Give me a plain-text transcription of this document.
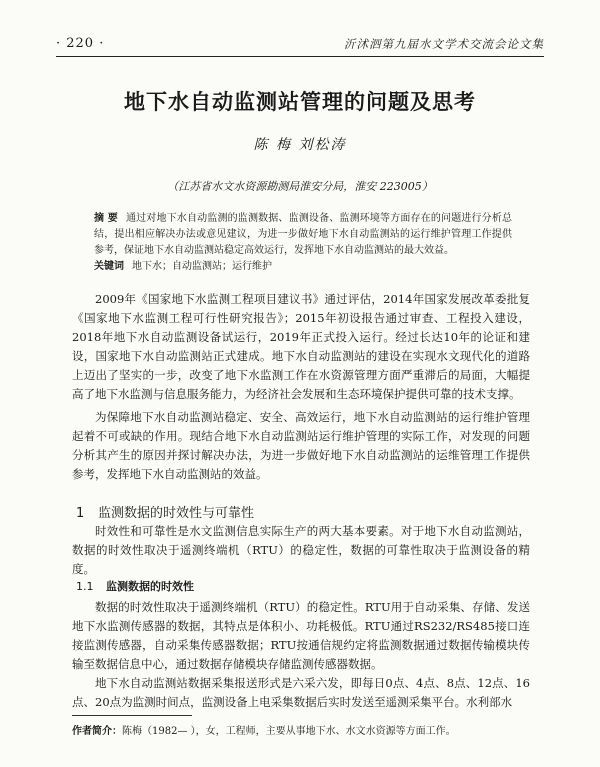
· 220 ·	沂沭泗第九届水文学术交流会论文集
地下水自动监测站管理的问题及思考
陈 梅 刘松涛
（江苏省水文水资源勘测局淮安分局，淮安 223005）
摘 要 通过对地下水自动监测的监测数据、监测设备、监测环境等方面存在的问题进行分析总结，提出相应解决办法或意见建议，为进一步做好地下水自动监测站的运行维护管理工作提供参考，保证地下水自动监测站稳定高效运行，发挥地下水自动监测站的最大效益。
关键词 地下水；自动监测站；运行维护

2009年《国家地下水监测工程项目建议书》通过评估，2014年国家发展改革委批复《国家地下水监测工程可行性研究报告》；2015年初设报告通过审查、工程投入建设，2018年地下水自动监测设备试运行，2019年正式投入运行。经过长达10年的论证和建设，国家地下水自动监测站正式建成。地下水自动监测站的建设在实现水文现代化的道路上迈出了坚实的一步，改变了地下水监测工作在水资源管理方面严重滞后的局面，大幅提高了地下水监测与信息服务能力，为经济社会发展和生态环境保护提供可靠的技术支撑。

为保障地下水自动监测站稳定、安全、高效运行，地下水自动监测站的运行维护管理起着不可或缺的作用。现结合地下水自动监测站运行维护管理的实际工作，对发现的问题分析其产生的原因并探讨解决办法，为进一步做好地下水自动监测站的运维管理工作提供参考，发挥地下水自动监测站的效益。

1 监测数据的时效性与可靠性

时效性和可靠性是水文监测信息实际生产的两大基本要素。对于地下水自动监测站，数据的时效性取决于遥测终端机（RTU）的稳定性，数据的可靠性取决于监测设备的精度。

1.1 监测数据的时效性

数据的时效性取决于遥测终端机（RTU）的稳定性。RTU用于自动采集、存储、发送地下水监测传感器的数据，其特点是体积小、功耗极低。RTU通过RS232/RS485接口连接监测传感器，自动采集传感器数据；RTU按通信规约定将监测数据通过数据传输模块传输至数据信息中心，通过数据存储模块存储监测传感器数据。

地下水自动监测站数据采集报送形式是六采六发，即每日0点、4点、8点、12点、16点、20点为监测时间点，监测设备上电采集数据后实时发送至遥测采集平台。水利部水

作者简介：陈梅（1982— ），女，工程师，主要从事地下水、水文水资源等方面工作。
